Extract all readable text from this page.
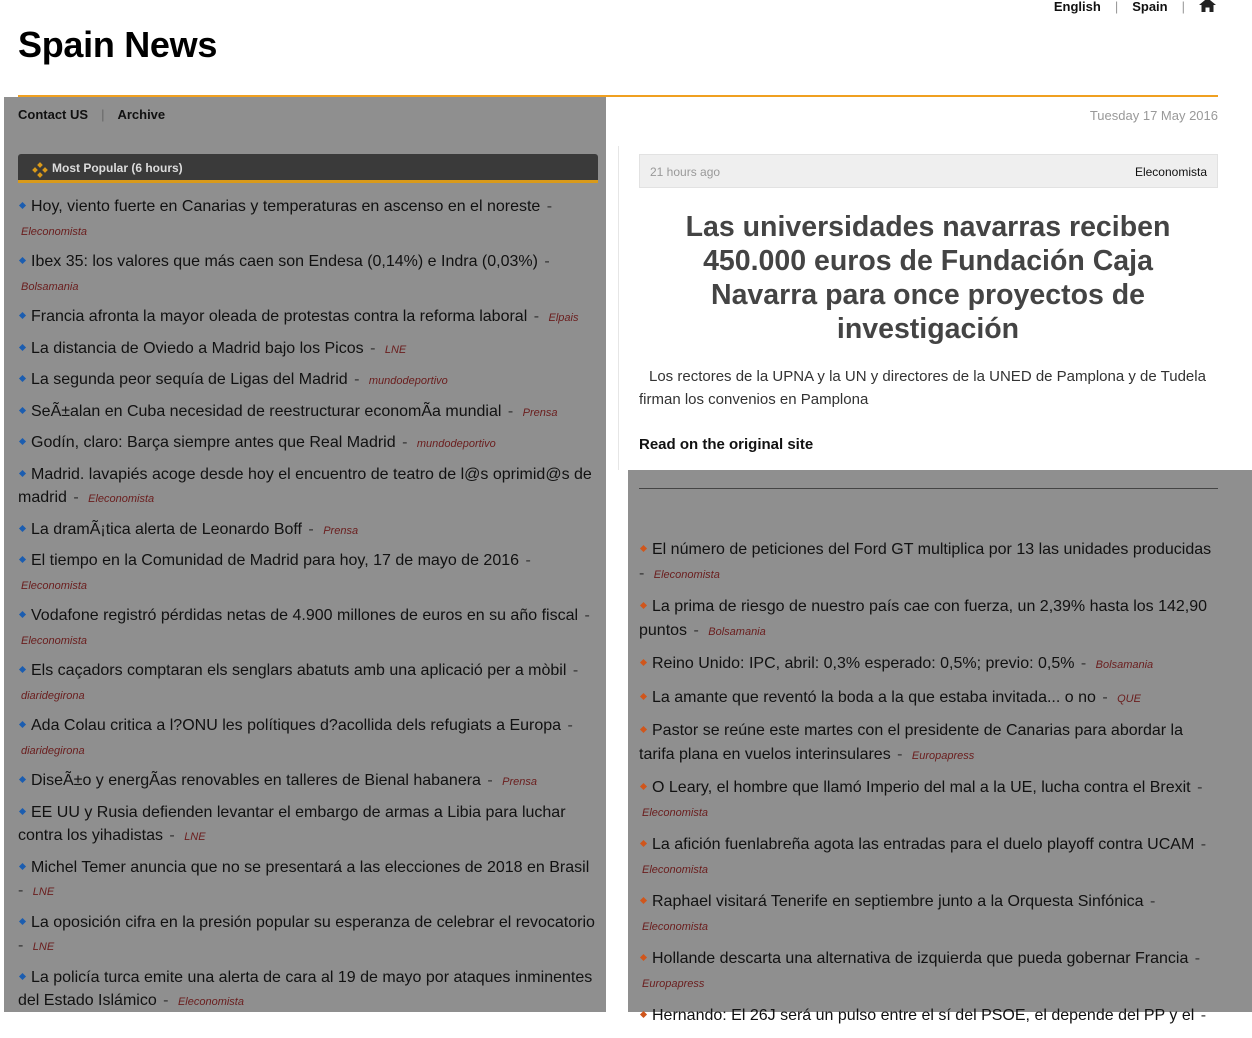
English | Spain |
Spain News
Contact US | Archive
Most Popular (6 hours)
Hoy, viento fuerte en Canarias y temperaturas en ascenso en el noreste - Eleconomista
Ibex 35: los valores que más caen son Endesa (0,14%) e Indra (0,03%) - Bolsamania
Francia afronta la mayor oleada de protestas contra la reforma laboral - Elpais
La distancia de Oviedo a Madrid bajo los Picos - LNE
La segunda peor sequía de Ligas del Madrid - mundodeportivo
SeÃ±alan en Cuba necesidad de reestructurar economÃa mundial - Prensa
Godín, claro: Barça siempre antes que Real Madrid - mundodeportivo
Madrid. lavapiés acoge desde hoy el encuentro de teatro de l@s oprimid@s de madrid - Eleconomista
La dramÃ¡tica alerta de Leonardo Boff - Prensa
El tiempo en la Comunidad de Madrid para hoy, 17 de mayo de 2016 - Eleconomista
Vodafone registró pérdidas netas de 4.900 millones de euros en su año fiscal - Eleconomista
Els caçadors comptaran els senglars abatuts amb una aplicació per a mòbil - diaridegirona
Ada Colau critica a l?ONU les polítiques d?acollida dels refugiats a Europa - diaridegirona
DiseÃ±o y energÃas renovables en talleres de Bienal habanera - Prensa
EE UU y Rusia defienden levantar el embargo de armas a Libia para luchar contra los yihadistas - LNE
Michel Temer anuncia que no se presentará a las elecciones de 2018 en Brasil - LNE
La oposición cifra en la presión popular su esperanza de celebrar el revocatorio - LNE
La policía turca emite una alerta de cara al 19 de mayo por ataques inminentes del Estado Islámico - Eleconomista
Tuesday 17 May 2016
21 hours ago	Eleconomista
Las universidades navarras reciben 450.000 euros de Fundación Caja Navarra para once proyectos de investigación

Los rectores de la UPNA y la UN y directores de la UNED de Pamplona y de Tudela firman los convenios en Pamplona

Read on the original site
El número de peticiones del Ford GT multiplica por 13 las unidades producidas - Eleconomista
La prima de riesgo de nuestro país cae con fuerza, un 2,39% hasta los 142,90 puntos - Bolsamania
Reino Unido: IPC, abril: 0,3% esperado: 0,5%; previo: 0,5% - Bolsamania
La amante que reventó la boda a la que estaba invitada... o no - QUE
Pastor se reúne este martes con el presidente de Canarias para abordar la tarifa plana en vuelos interinsulares - Europapress
O Leary, el hombre que llamó Imperio del mal a la UE, lucha contra el Brexit - Eleconomista
La afición fuenlabreña agota las entradas para el duelo playoff contra UCAM - Eleconomista
Raphael visitará Tenerife en septiembre junto a la Orquesta Sinfónica - Eleconomista
Hollande descarta una alternativa de izquierda que pueda gobernar Francia - Europapress
Hernando: El 26J será un pulso entre el sí del PSOE, el depende del PP y el -
